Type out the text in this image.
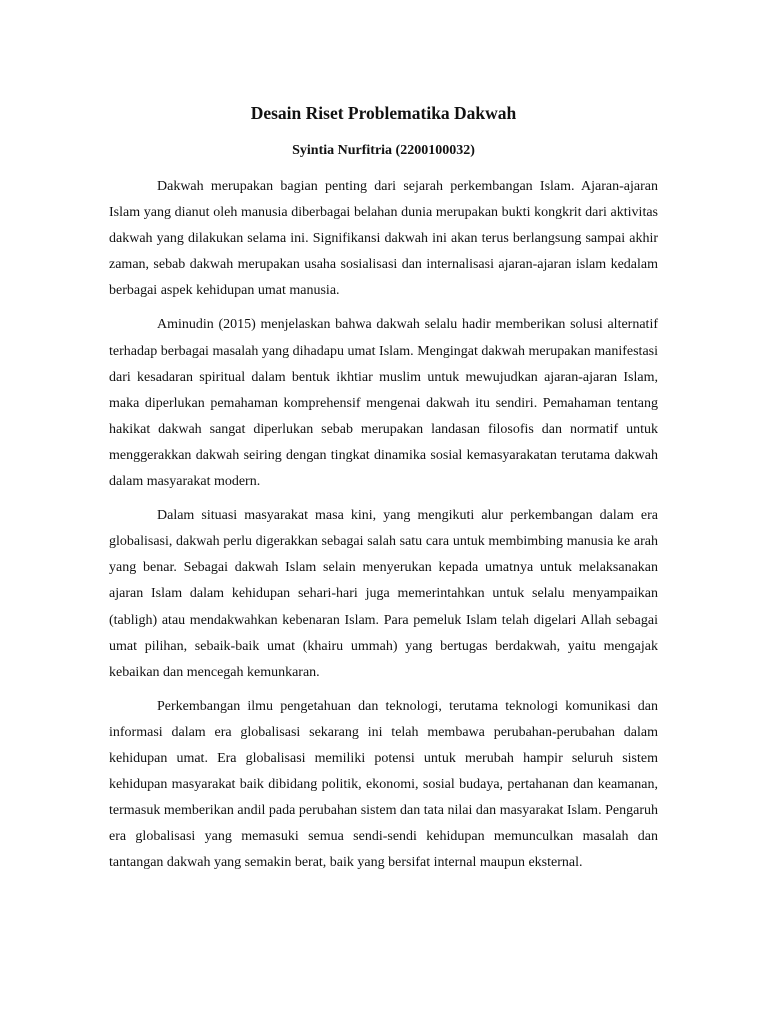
Desain Riset Problematika Dakwah

Syintia Nurfitria (2200100032)

Dakwah merupakan bagian penting dari sejarah perkembangan Islam. Ajaran-ajaran Islam yang dianut oleh manusia diberbagai belahan dunia merupakan bukti kongkrit dari aktivitas dakwah yang dilakukan selama ini. Signifikansi dakwah ini akan terus berlangsung sampai akhir zaman, sebab dakwah merupakan usaha sosialisasi dan internalisasi ajaran-ajaran islam kedalam berbagai aspek kehidupan umat manusia.

Aminudin (2015) menjelaskan bahwa dakwah selalu hadir memberikan solusi alternatif terhadap berbagai masalah yang dihadapu umat Islam. Mengingat dakwah merupakan manifestasi dari kesadaran spiritual dalam bentuk ikhtiar muslim untuk mewujudkan ajaran-ajaran Islam, maka diperlukan pemahaman komprehensif mengenai dakwah itu sendiri. Pemahaman tentang hakikat dakwah sangat diperlukan sebab merupakan landasan filosofis dan normatif untuk menggerakkan dakwah seiring dengan tingkat dinamika sosial kemasyarakatan terutama dakwah dalam masyarakat modern.

Dalam situasi masyarakat masa kini, yang mengikuti alur perkembangan dalam era globalisasi, dakwah perlu digerakkan sebagai salah satu cara untuk membimbing manusia ke arah yang benar. Sebagai dakwah Islam selain menyerukan kepada umatnya untuk melaksanakan ajaran Islam dalam kehidupan sehari-hari juga memerintahkan untuk selalu menyampaikan (tabligh) atau mendakwahkan kebenaran Islam. Para pemeluk Islam telah digelari Allah sebagai umat pilihan, sebaik-baik umat (khairu ummah) yang bertugas berdakwah, yaitu mengajak kebaikan dan mencegah kemunkaran.

Perkembangan ilmu pengetahuan dan teknologi, terutama teknologi komunikasi dan informasi dalam era globalisasi sekarang ini telah membawa perubahan-perubahan dalam kehidupan umat. Era globalisasi memiliki potensi untuk merubah hampir seluruh sistem kehidupan masyarakat baik dibidang politik, ekonomi, sosial budaya, pertahanan dan keamanan, termasuk memberikan andil pada perubahan sistem dan tata nilai dan masyarakat Islam. Pengaruh era globalisasi yang memasuki semua sendi-sendi kehidupan memunculkan masalah dan tantangan dakwah yang semakin berat, baik yang bersifat internal maupun eksternal.
